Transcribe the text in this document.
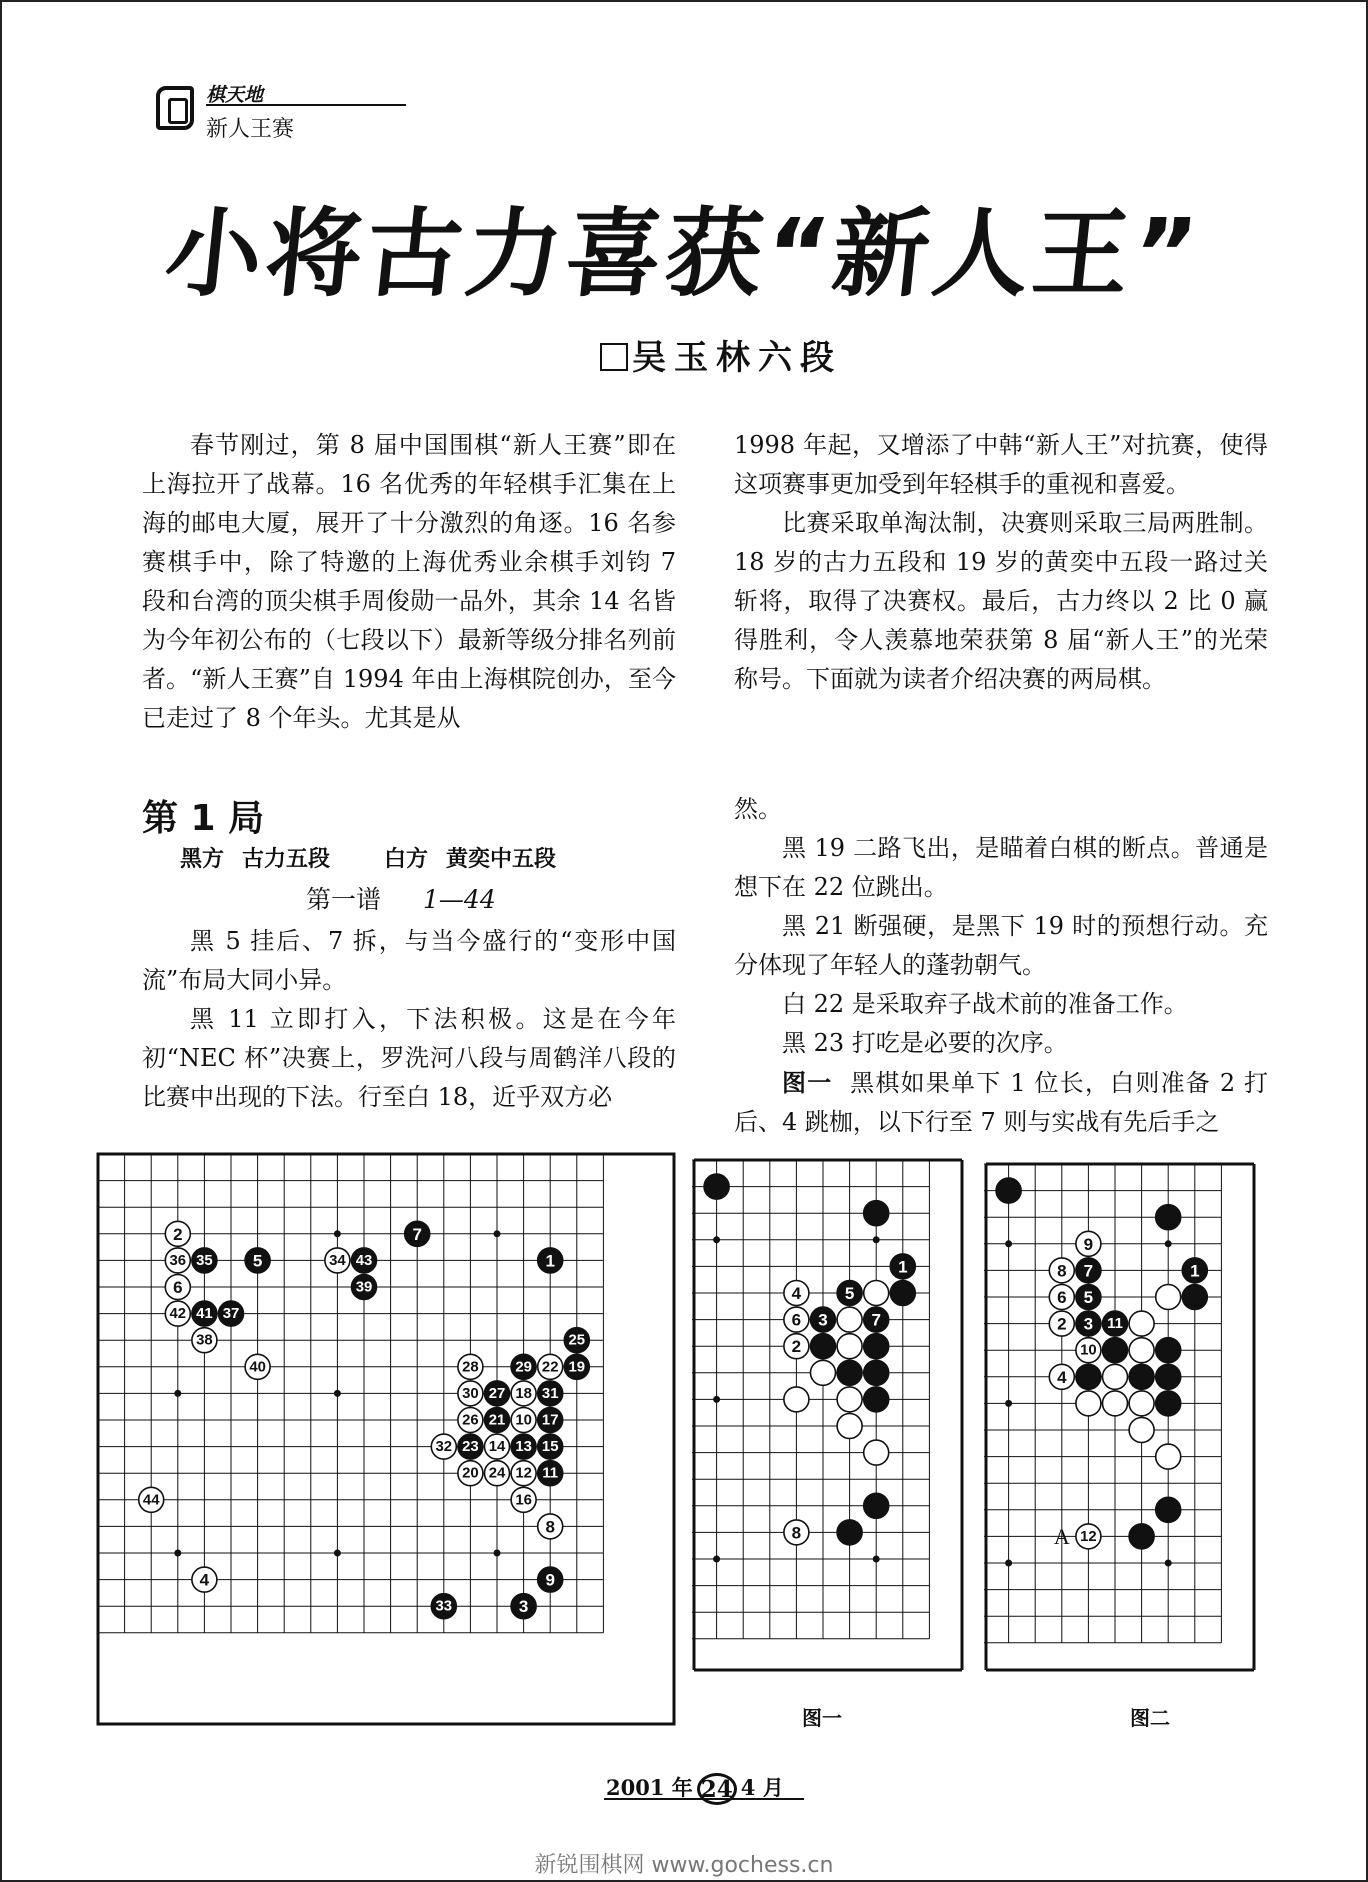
棋天地
新人王赛
小将古力喜获“新人王”
吴玉林六段

春节刚过，第 8 届中国围棋“新人王赛”即在上海拉开了战幕。16 名优秀的年轻棋手汇集在上海的邮电大厦，展开了十分激烈的角逐。16 名参赛棋手中，除了特邀的上海优秀业余棋手刘钧 7 段和台湾的顶尖棋手周俊勋一品外，其余 14 名皆为今年初公布的（七段以下）最新等级分排名列前者。“新人王赛”自 1994 年由上海棋院创办，至今已走过了 8 个年头。尤其是从

1998 年起，又增添了中韩“新人王”对抗赛，使得这项赛事更加受到年轻棋手的重视和喜爱。

比赛采取单淘汰制，决赛则采取三局两胜制。18 岁的古力五段和 19 岁的黄奕中五段一路过关斩将，取得了决赛权。最后，古力终以 2 比 0 赢得胜利，令人羡慕地荣获第 8 届“新人王”的光荣称号。下面就为读者介绍决赛的两局棋。

第 1 局
黑方 古力五段 白方 黄奕中五段
第一谱 1—44

黑 5 挂后、7 拆，与当今盛行的“变形中国流”布局大同小异。

黑 11 立即打入，下法积极。这是在今年初“NEC 杯”决赛上，罗洗河八段与周鹤洋八段的比赛中出现的下法。行至白 18，近乎双方必

然。

黑 19 二路飞出，是瞄着白棋的断点。普通是想下在 22 位跳出。

黑 21 断强硬，是黑下 19 时的预想行动。充分体现了年轻人的蓬勃朝气。

白 22 是采取弃子战术前的准备工作。

黑 23 打吃是必要的次序。

图一 黑棋如果单下 1 位长，白则准备 2 打后、4 跳枷，以下行至 7 则与实战有先后手之

2
36 35 5	34 43
7
1
6	39
42 41 37
38	25
40	28 29 22 19
30 27 18 31
26 21 10 17
32 23 14 13 15
20 24 12 11
44	16
8
4	9
33	3
1
4	5
6 3	7
2
8
9
8 7	1
6 5
2 3 11
10
4
12
A
图一	图二
2001 年 24 4 月
新锐围棋网 www.gochess.cn
